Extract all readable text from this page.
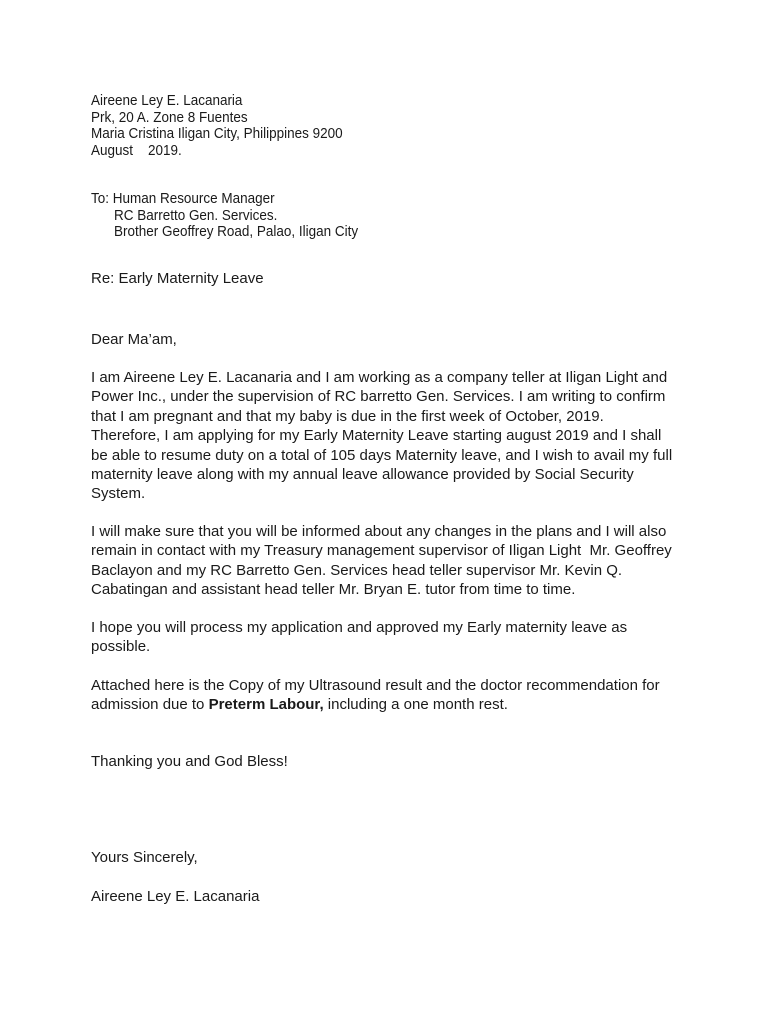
Aireene Ley E. Lacanaria
Prk, 20 A. Zone 8 Fuentes
Maria Cristina Iligan City, Philippines 9200
August    2019.
To: Human Resource Manager
RC Barretto Gen. Services.
Brother Geoffrey Road, Palao, Iligan City
Re: Early Maternity Leave
Dear Ma’am,

I am Aireene Ley E. Lacanaria and I am working as a company teller at Iligan Light and

Power Inc., under the supervision of RC barretto Gen. Services. I am writing to confirm

that I am pregnant and that my baby is due in the first week of October, 2019.

Therefore, I am applying for my Early Maternity Leave starting august 2019 and I shall

be able to resume duty on a total of 105 days Maternity leave, and I wish to avail my full

maternity leave along with my annual leave allowance provided by Social Security

System.

I will make sure that you will be informed about any changes in the plans and I will also

remain in contact with my Treasury management supervisor of Iligan Light  Mr. Geoffrey

Baclayon and my RC Barretto Gen. Services head teller supervisor Mr. Kevin Q.

Cabatingan and assistant head teller Mr. Bryan E. tutor from time to time.

I hope you will process my application and approved my Early maternity leave as

possible.

Attached here is the Copy of my Ultrasound result and the doctor recommendation for

admission due to Preterm Labour, including a one month rest.

Thanking you and God Bless!
Yours Sincerely,
Aireene Ley E. Lacanaria
